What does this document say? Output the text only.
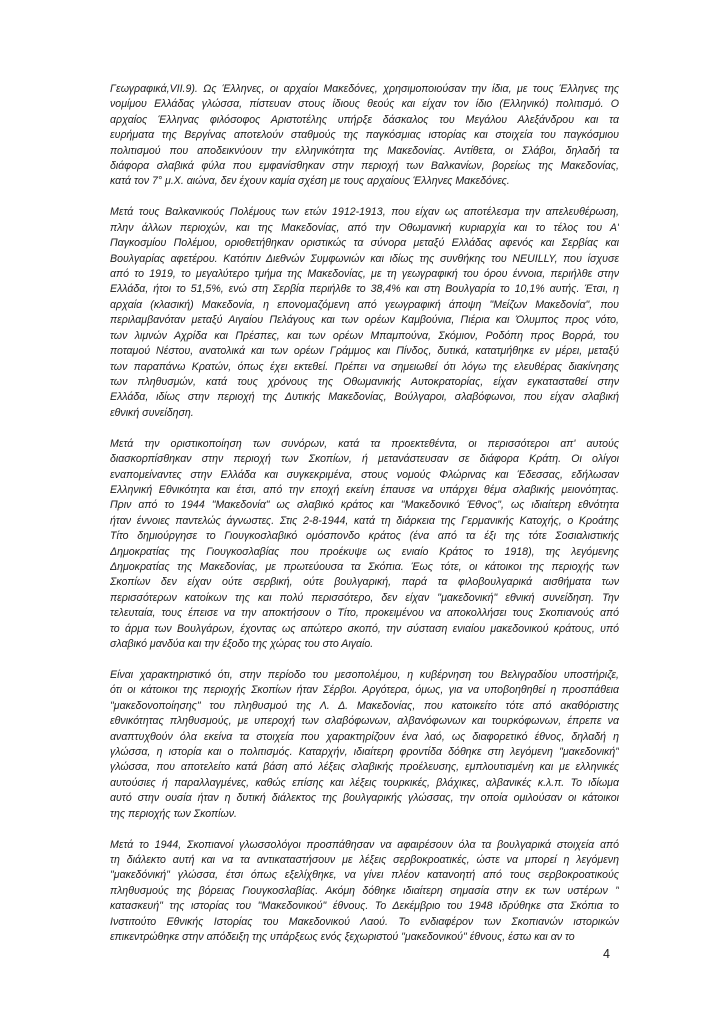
Γεωγραφικά,VII.9). Ως Έλληνες, οι αρχαίοι Μακεδόνες, χρησιμοποιούσαν την ίδια, με τους Έλληνες της
νομίμου Ελλάδας γλώσσα, πίστευαν στους ίδιους θεούς και είχαν τον ίδιο (Ελληνικό) πολιτισμό. Ο
αρχαίος Έλληνας φιλόσοφος Αριστοτέλης υπήρξε δάσκαλος του Μεγάλου Αλεξάνδρου και τα
ευρήματα της Βεργίνας αποτελούν σταθμούς της παγκόσμιας ιστορίας και στοιχεία του παγκόσμιου
πολιτισμού που αποδεικνύουν την ελληνικότητα της Μακεδονίας. Αντίθετα, οι Σλάβοι, δηλαδή τα
διάφορα σλαβικά φύλα που εμφανίσθηκαν στην περιοχή των Βαλκανίων, βορείως της Μακεδονίας,
κατά τον 7° μ.Χ. αιώνα, δεν έχουν καμία σχέση με τους αρχαίους Έλληνες Μακεδόνες.
Μετά τους Βαλκανικούς Πολέμους των ετών 1912-1913, που είχαν ως αποτέλεσμα την απελευθέρωση,
πλην άλλων περιοχών, και της Μακεδονίας, από την Οθωμανική κυριαρχία και το τέλος του Α'
Παγκοσμίου Πολέμου, οριοθετήθηκαν οριστικώς τα σύνορα μεταξύ Ελλάδας αφενός και Σερβίας και
Βουλγαρίας αφετέρου. Κατόπιν Διεθνών Συμφωνιών και ιδίως της συνθήκης του NEUILLY, που ίσχυσε
από το 1919, το μεγαλύτερο τμήμα της Μακεδονίας, με τη γεωγραφική του όρου έννοια, περιήλθε στην
Ελλάδα, ήτοι το 51,5%, ενώ στη Σερβία περιήλθε το 38,4% και στη Βουλγαρία το 10,1% αυτής. Έτσι, η
αρχαία (κλασική) Μακεδονία, η επονομαζόμενη από γεωγραφική άποψη "Μείζων Μακεδονία", που
περιλαμβανόταν μεταξύ Αιγαίου Πελάγους και των ορέων Καμβούνια, Πιέρια και Όλυμπος προς νότο,
των λιμνών Αχρίδα και Πρέσπες, και των ορέων Μπαμπούνα, Σκόμιον, Ροδόπη προς Βορρά, του
ποταμού Νέστου, ανατολικά και των ορέων Γράμμος και Πίνδος, δυτικά, κατατμήθηκε εν μέρει, μεταξύ
των παραπάνω Κρατών, όπως έχει εκτεθεί. Πρέπει να σημειωθεί ότι λόγω της ελευθέρας διακίνησης
των πληθυσμών, κατά τους χρόνους της Οθωμανικής Αυτοκρατορίας, είχαν εγκατασταθεί στην
Ελλάδα, ιδίως στην περιοχή της Δυτικής Μακεδονίας, Βούλγαροι, σλαβόφωνοι, που είχαν σλαβική
εθνική συνείδηση.
Μετά την οριστικοποίηση των συνόρων, κατά τα προεκτεθέντα, οι περισσότεροι απ' αυτούς
διασκορπίσθηκαν στην περιοχή των Σκοπίων, ή μετανάστευσαν σε διάφορα Κράτη. Οι ολίγοι
εναπομείναντες στην Ελλάδα και συγκεκριμένα, στους νομούς Φλώρινας και Έδεσσας, εδήλωσαν
Ελληνική Εθνικότητα και έτσι, από την εποχή εκείνη έπαυσε να υπάρχει θέμα σλαβικής μειονότητας.
Πριν από το 1944 "Μακεδονία" ως σλαβικό κράτος και "Μακεδονικό Έθνος", ως ιδιαίτερη εθνότητα
ήταν έννοιες παντελώς άγνωστες. Στις 2-8-1944, κατά τη διάρκεια της Γερμανικής Κατοχής, ο Κροάτης
Τίτο δημιούργησε το Γιουγκοσλαβικό ομόσπονδο κράτος (ένα από τα έξι της τότε Σοσιαλιστικής
Δημοκρατίας της Γιουγκοσλαβίας που προέκυψε ως ενιαίο Κράτος το 1918), της λεγόμενης
Δημοκρατίας της Μακεδονίας, με πρωτεύουσα τα Σκόπια. Έως τότε, οι κάτοικοι της περιοχής των
Σκοπίων δεν είχαν ούτε σερβική, ούτε βουλγαρική, παρά τα φιλοβουλγαρικά αισθήματα των
περισσότερων κατοίκων της και πολύ περισσότερο, δεν είχαν "μακεδονική" εθνική συνείδηση. Την
τελευταία, τους έπεισε να την αποκτήσουν ο Τίτο, προκειμένου να αποκολλήσει τους Σκοπιανούς από
το άρμα των Βουλγάρων, έχοντας ως απώτερο σκοπό, την σύσταση ενιαίου μακεδονικού κράτους, υπό
σλαβικό μανδύα και την έξοδο της χώρας του στο Αιγαίο.
Είναι χαρακτηριστικό ότι, στην περίοδο του μεσοπολέμου, η κυβέρνηση του Βελιγραδίου υποστήριζε,
ότι οι κάτοικοι της περιοχής Σκοπίων ήταν Σέρβοι. Αργότερα, όμως, για να υποβοηθηθεί η προσπάθεια
"μακεδονοποίησης" του πληθυσμού της Λ. Δ. Μακεδονίας, που κατοικείτο τότε από ακαθόριστης
εθνικότητας πληθυσμούς, με υπεροχή των σλαβόφωνων, αλβανόφωνων και τουρκόφωνων, έπρεπε να
αναπτυχθούν όλα εκείνα τα στοιχεία που χαρακτηρίζουν ένα λαό, ως διαφορετικό έθνος, δηλαδή η
γλώσσα, η ιστορία και ο πολιτισμός. Καταρχήν, ιδιαίτερη φροντίδα δόθηκε στη λεγόμενη "μακεδονική"
γλώσσα, που αποτελείτο κατά βάση από λέξεις σλαβικής προέλευσης, εμπλουτισμένη και με ελληνικές
αυτούσιες ή παραλλαγμένες, καθώς επίσης και λέξεις τουρκικές, βλάχικες, αλβανικές κ.λ.π. Το ιδίωμα
αυτό στην ουσία ήταν η δυτική διάλεκτος της βουλγαρικής γλώσσας, την οποία ομιλούσαν οι κάτοικοι
της περιοχής των Σκοπίων.
Μετά το 1944, Σκοπιανοί γλωσσολόγοι προσπάθησαν να αφαιρέσουν όλα τα βουλγαρικά στοιχεία από
τη διάλεκτο αυτή και να τα αντικαταστήσουν με λέξεις σερβοκροατικές, ώστε να μπορεί η λεγόμενη
"μακεδόνική" γλώσσα, έτσι όπως εξελίχθηκε, να γίνει πλέον κατανοητή από τους σερβοκροατικούς
πληθυσμούς της βόρειας Γιουγκοσλαβίας. Ακόμη δόθηκε ιδιαίτερη σημασία στην εκ των υστέρων "
κατασκευή" της ιστορίας του "Μακεδονικού" έθνους. Το Δεκέμβριο του 1948 ιδρύθηκε στα Σκόπια το
Ινστιτούτο Εθνικής Ιστορίας του Μακεδονικού Λαού. Το ενδιαφέρον των Σκοπιανών ιστορικών
επικεντρώθηκε στην απόδειξη της υπάρξεως ενός ξεχωριστού "μακεδονικού" έθνους, έστω και αν το
4
